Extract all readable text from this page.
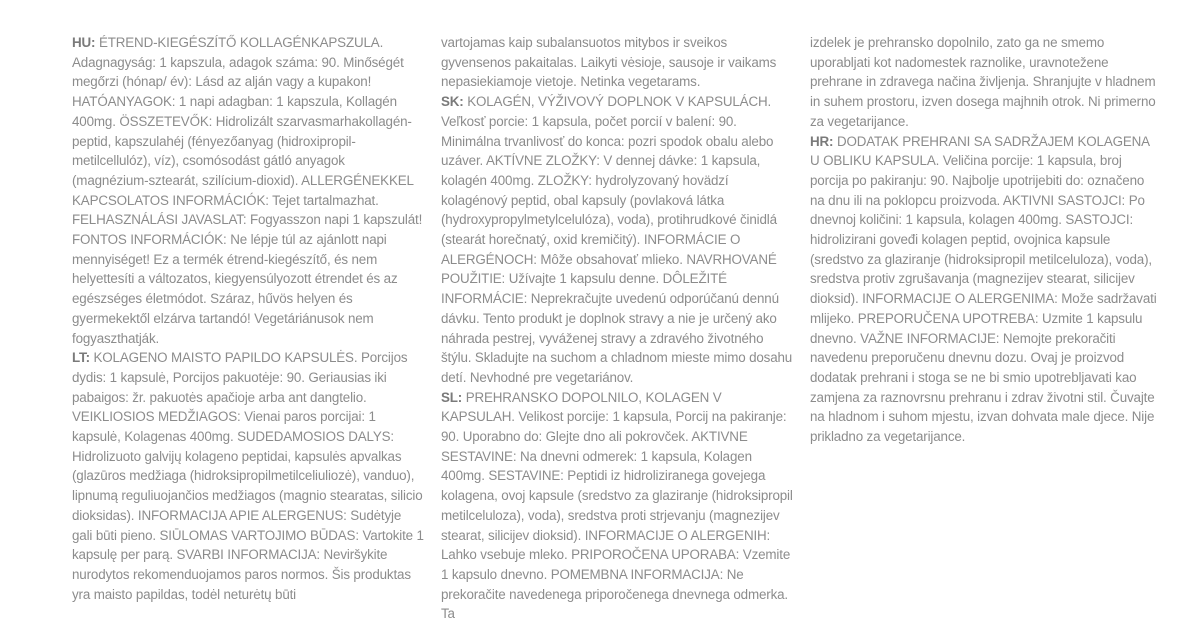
HU: ÉTREND-KIEGÉSZÍTŐ KOLLAGÉNKAPSZULA. Adagnagyság: 1 kapszula, adagok száma: 90. Minőségét megőrzi (hónap/ év): Lásd az alján vagy a kupakon! HATÓANYAGOK: 1 napi adagban: 1 kapszula, Kollagén 400mg. ÖSSZETEVŐK: Hidrolizált szarvasmarhakollagén-peptid, kapszulahéj (fényezőanyag (hidroxipropil-metilcellulóz), víz), csomósodást gátló anyagok (magnézium-sztearát, szilícium-dioxid). ALLERGÉNEKKEL KAPCSOLATOS INFORMÁCIÓK: Tejet tartalmazhat. FELHASZNÁLÁSI JAVASLAT: Fogyasszon napi 1 kapszulát! FONTOS INFORMÁCIÓK: Ne lépje túl az ajánlott napi mennyiséget! Ez a termék étrend-kiegészítő, és nem helyettesíti a változatos, kiegyensúlyozott étrendet és az egészséges életmódot. Száraz, hűvös helyen és gyermekektől elzárva tartandó! Vegetáriánusok nem fogyaszthatják.
LT: KOLAGENO MAISTO PAPILDO KAPSULĖS. Porcijos dydis: 1 kapsulė, Porcijos pakuotėje: 90. Geriausias iki pabaigos: žr. pakuotės apačioje arba ant dangtelio. VEIKLIOSIOS MEDŽIAGOS: Vienai paros porcijai: 1 kapsulė, Kolagenas 400mg. SUDEDAMOSIOS DALYS: Hidrolizuoto galvijų kolageno peptidai, kapsulės apvalkas (glazūros medžiaga (hidroksipropilmetilceliuliozė), vanduo), lipnumą reguliuojančios medžiagos (magnio stearatas, silicio dioksidas). INFORMACIJA APIE ALERGENUS: Sudėtyje gali būti pieno. SIŪLOMAS VARTOJIMO BŪDAS: Vartokite 1 kapsulę per parą. SVARBI INFORMACIJA: Neviršykite nurodytos rekomenduojamos paros normos. Šis produktas yra maisto papildas, todėl neturėtų būti
vartojamas kaip subalansuotos mitybos ir sveikos gyvensenos pakaitalas. Laikyti vėsioje, sausoje ir vaikams nepasiekiamoje vietoje. Netinka vegetarams.
SK: KOLAGÉN, VÝŽIVOVÝ DOPLNOK V KAPSULÁCH. Veľkosť porcie: 1 kapsula, počet porcií v balení: 90. Minimálna trvanlivosť do konca: pozri spodok obalu alebo uzáver. AKTÍVNE ZLOŽKY: V dennej dávke: 1 kapsula, kolagén 400mg. ZLOŽKY: hydrolyzovaný hovädzí kolagénový peptid, obal kapsuly (povlaková látka (hydroxypropylmetylcelulóza), voda), protihrudkové činidlá (stearát horečnatý, oxid kremičitý). INFORMÁCIE O ALERGÉNOCH: Môže obsahovať mlieko. NAVRHOVANÉ POUŽITIE: Užívajte 1 kapsulu denne. DÔLEŽITÉ INFORMÁCIE: Neprekračujte uvedenú odporúčanú dennú dávku. Tento produkt je doplnok stravy a nie je určený ako náhrada pestrej, vyváženej stravy a zdravého životného štýlu. Skladujte na suchom a chladnom mieste mimo dosahu detí. Nevhodné pre vegetariánov.
SL: PREHRANSKO DOPOLNILO, KOLAGEN V KAPSULAH. Velikost porcije: 1 kapsula, Porcij na pakiranje: 90. Uporabno do: Glejte dno ali pokrovček. AKTIVNE SESTAVINE: Na dnevni odmerek: 1 kapsula, Kolagen 400mg. SESTAVINE: Peptidi iz hidroliziranega govejega kolagena, ovoj kapsule (sredstvo za glaziranje (hidroksipropil metilceluloza), voda), sredstva proti strjevanju (magnezijev stearat, silicijev dioksid). INFORMACIJE O ALERGENIH: Lahko vsebuje mleko. PRIPOROČENA UPORABA: Vzemite 1 kapsulo dnevno. POMEMBNA INFORMACIJA: Ne prekoračite navedenega priporočenega dnevnega odmerka. Ta
izdelek je prehransko dopolnilo, zato ga ne smemo uporabljati kot nadomestek raznolike, uravnotežene prehrane in zdravega načina življenja. Shranjujte v hladnem in suhem prostoru, izven dosega majhnih otrok. Ni primerno za vegetarijance.
HR: DODATAK PREHRANI SA SADRŽAJEM KOLAGENA U OBLIKU KAPSULA. Veličina porcije: 1 kapsula, broj porcija po pakiranju: 90. Najbolje upotrijebiti do: označeno na dnu ili na poklopcu proizvoda. AKTIVNI SASTOJCI: Po dnevnoj količini: 1 kapsula, kolagen 400mg. SASTOJCI: hidrolizirani goveđi kolagen peptid, ovojnica kapsule (sredstvo za glaziranje (hidroksipropil metilceluloza), voda), sredstva protiv zgrušavanja (magnezijev stearat, silicijev dioksid). INFORMACIJE O ALERGENIMA: Može sadržavati mlijeko. PREPORUČENA UPOTREBA: Uzmite 1 kapsulu dnevno. VAŽNE INFORMACIJE: Nemojte prekoračiti navedenu preporučenu dnevnu dozu. Ovaj je proizvod dodatak prehrani i stoga se ne bi smio upotrebljavati kao zamjena za raznovrsnu prehranu i zdrav životni stil. Čuvajte na hladnom i suhom mjestu, izvan dohvata male djece. Nije prikladno za vegetarijance.
